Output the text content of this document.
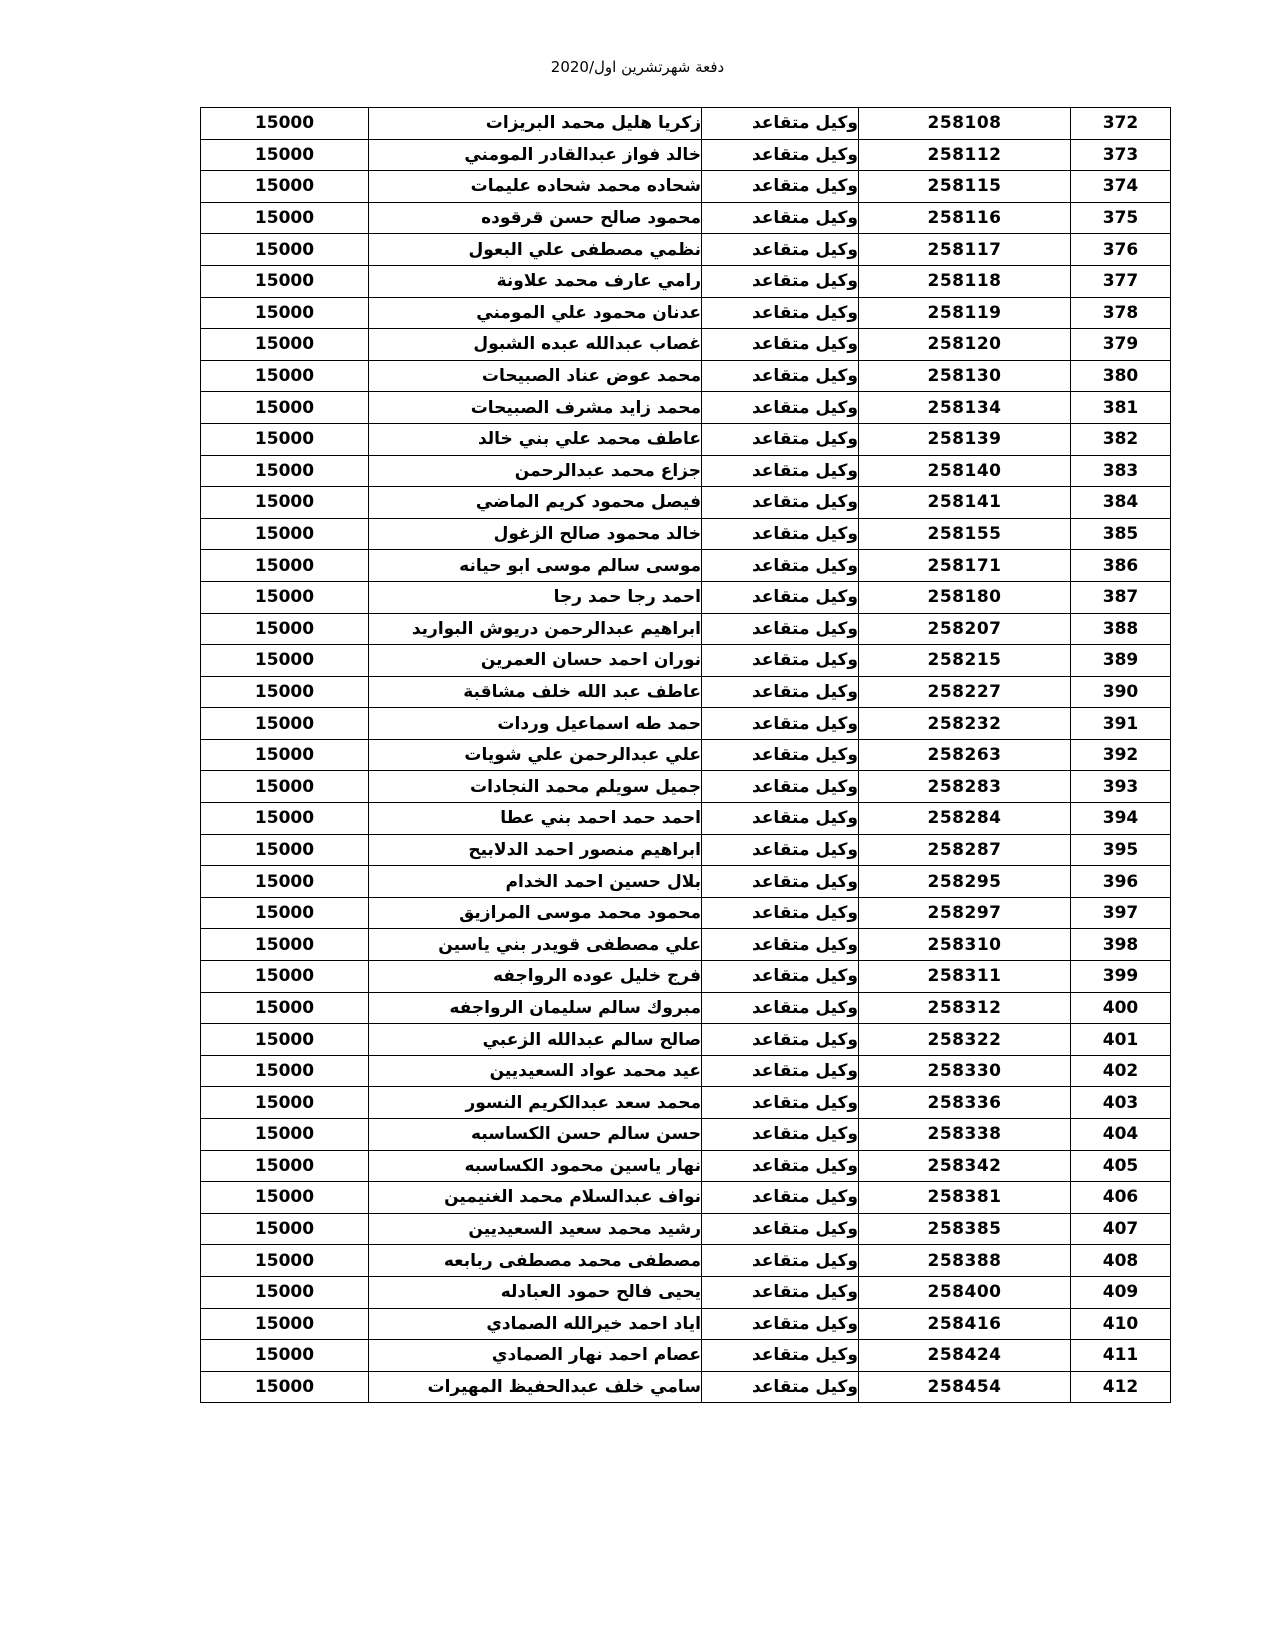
دفعة شهرتشرين اول/2020
372	258108	وكيل متقاعد	زكريا هليل محمد البريزات	15000
373	258112	وكيل متقاعد	خالد فواز عبدالقادر المومني	15000
374	258115	وكيل متقاعد	شحاده محمد شحاده عليمات	15000
375	258116	وكيل متقاعد	محمود صالح حسن قرقوده	15000
376	258117	وكيل متقاعد	نظمي مصطفى علي البعول	15000
377	258118	وكيل متقاعد	رامي عارف محمد علاونة	15000
378	258119	وكيل متقاعد	عدنان محمود علي المومني	15000
379	258120	وكيل متقاعد	غصاب عبدالله عبده الشبول	15000
380	258130	وكيل متقاعد	محمد عوض عناد الصبيحات	15000
381	258134	وكيل متقاعد	محمد زايد مشرف الصبيحات	15000
382	258139	وكيل متقاعد	عاطف محمد علي بني خالد	15000
383	258140	وكيل متقاعد	جزاع محمد عبدالرحمن	15000
384	258141	وكيل متقاعد	فيصل محمود كريم الماضي	15000
385	258155	وكيل متقاعد	خالد محمود صالح الزغول	15000
386	258171	وكيل متقاعد	موسى سالم موسى ابو حيانه	15000
387	258180	وكيل متقاعد	احمد رجا حمد رجا	15000
388	258207	وكيل متقاعد	ابراهيم عبدالرحمن دريوش البواريد	15000
389	258215	وكيل متقاعد	نوران احمد حسان العمرين	15000
390	258227	وكيل متقاعد	عاطف عبد الله خلف مشاقبة	15000
391	258232	وكيل متقاعد	حمد طه اسماعيل وردات	15000
392	258263	وكيل متقاعد	علي عبدالرحمن علي شويات	15000
393	258283	وكيل متقاعد	جميل سويلم محمد النجادات	15000
394	258284	وكيل متقاعد	احمد حمد احمد بني عطا	15000
395	258287	وكيل متقاعد	ابراهيم منصور احمد الدلابيح	15000
396	258295	وكيل متقاعد	بلال حسين احمد الخدام	15000
397	258297	وكيل متقاعد	محمود محمد موسى المرازيق	15000
398	258310	وكيل متقاعد	علي مصطفى قويدر بني ياسين	15000
399	258311	وكيل متقاعد	فرج خليل عوده الرواجفه	15000
400	258312	وكيل متقاعد	مبروك سالم سليمان الرواجفه	15000
401	258322	وكيل متقاعد	صالح سالم عبدالله الزعبي	15000
402	258330	وكيل متقاعد	عيد محمد عواد السعيديين	15000
403	258336	وكيل متقاعد	محمد سعد عبدالكريم النسور	15000
404	258338	وكيل متقاعد	حسن سالم حسن الكساسبه	15000
405	258342	وكيل متقاعد	نهار ياسين محمود الكساسبه	15000
406	258381	وكيل متقاعد	نواف عبدالسلام محمد الغنيمين	15000
407	258385	وكيل متقاعد	رشيد محمد سعيد السعيديين	15000
408	258388	وكيل متقاعد	مصطفى محمد مصطفى ربابعه	15000
409	258400	وكيل متقاعد	يحيى فالح حمود العبادله	15000
410	258416	وكيل متقاعد	اياد احمد خيرالله الصمادي	15000
411	258424	وكيل متقاعد	عصام احمد نهار الصمادي	15000
412	258454	وكيل متقاعد	سامي خلف عبدالحفيظ المهيرات	15000
